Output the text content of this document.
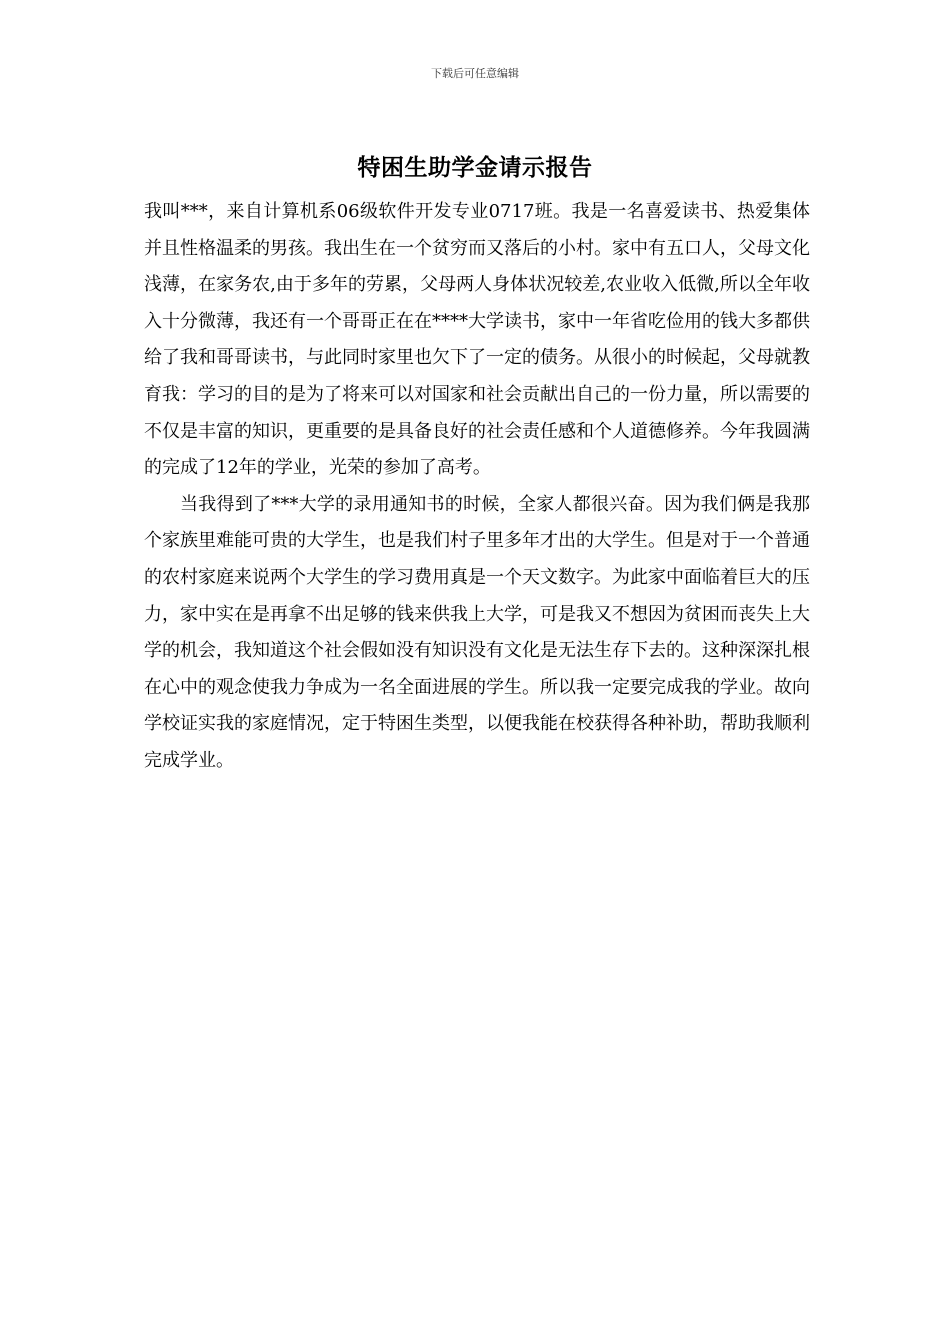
下载后可任意编辑
特困生助学金请示报告

我叫***，来自计算机系06级软件开发专业0717班。我是一名喜爱读书、热爱集体并且性格温柔的男孩。我出生在一个贫穷而又落后的小村。家中有五口人，父母文化浅薄，在家务农,由于多年的劳累，父母两人身体状况较差,农业收入低微,所以全年收入十分微薄，我还有一个哥哥正在在****大学读书，家中一年省吃俭用的钱大多都供给了我和哥哥读书，与此同时家里也欠下了一定的债务。从很小的时候起，父母就教育我：学习的目的是为了将来可以对国家和社会贡献出自己的一份力量，所以需要的不仅是丰富的知识，更重要的是具备良好的社会责任感和个人道德修养。今年我圆满的完成了12年的学业，光荣的参加了高考。

当我得到了***大学的录用通知书的时候，全家人都很兴奋。因为我们俩是我那个家族里难能可贵的大学生，也是我们村子里多年才出的大学生。但是对于一个普通的农村家庭来说两个大学生的学习费用真是一个天文数字。为此家中面临着巨大的压力，家中实在是再拿不出足够的钱来供我上大学，可是我又不想因为贫困而丧失上大学的机会，我知道这个社会假如没有知识没有文化是无法生存下去的。这种深深扎根在心中的观念使我力争成为一名全面进展的学生。所以我一定要完成我的学业。故向学校证实我的家庭情况，定于特困生类型，以便我能在校获得各种补助，帮助我顺利完成学业。
